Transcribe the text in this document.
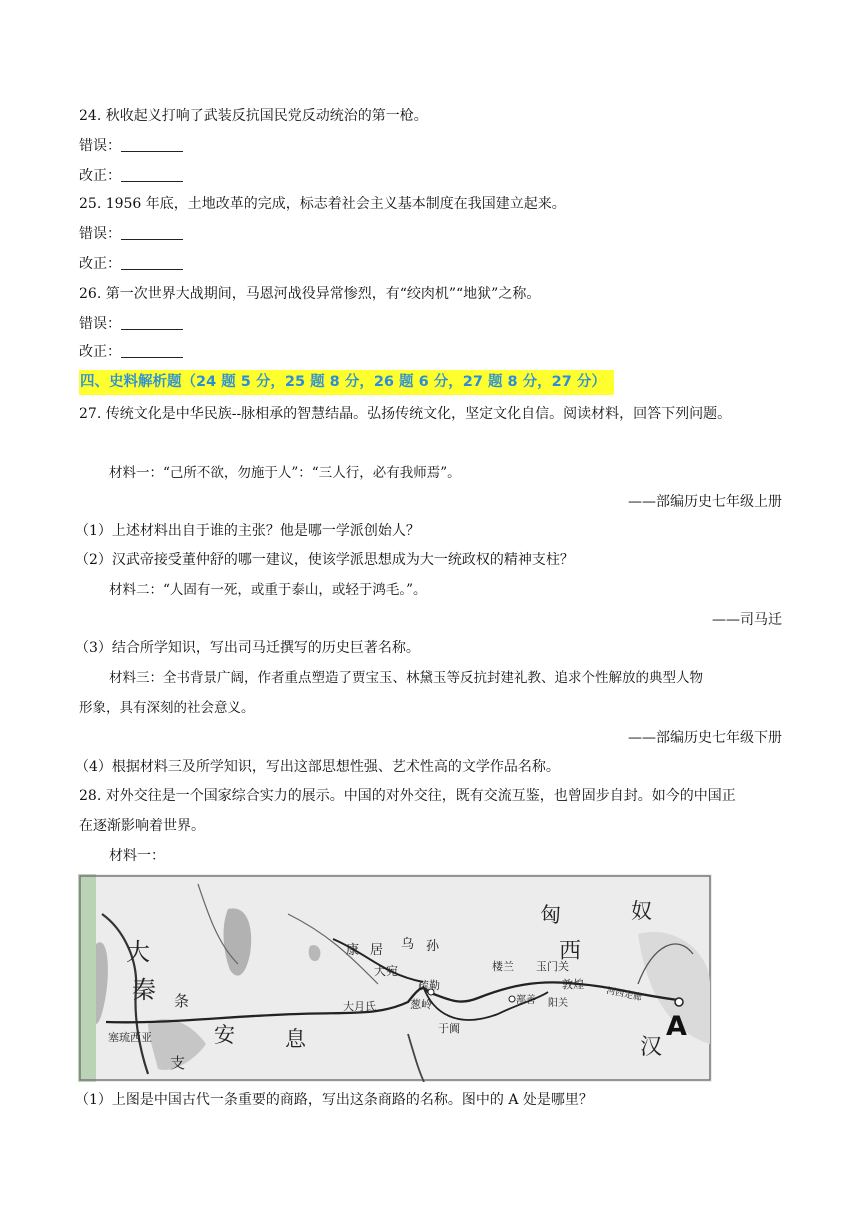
24. 秋收起义打响了武装反抗国民党反动统治的第一枪。
错误：
改正：
25. 1956 年底，土地改革的完成，标志着社会主义基本制度在我国建立起来。
错误：
改正：
26. 第一次世界大战期间，马恩河战役异常惨烈，有“绞肉机”“地狱”之称。
错误：
改正：
四、史料解析题（24 题 5 分，25 题 8 分，26 题 6 分，27 题 8 分，27 分）
27. 传统文化是中华民族--脉相承的智慧结晶。弘扬传统文化，坚定文化自信。阅读材料，回答下列问题。
材料一：“己所不欲，勿施于人”：“三人行，必有我师焉”。
——部编历史七年级上册
（1）上述材料出自于谁的主张？他是哪一学派创始人？
（2）汉武帝接受董仲舒的哪一建议，使该学派思想成为大一统政权的精神支柱？
材料二：“人固有一死，或重于泰山，或轻于鸿毛。”。
——司马迁
（3）结合所学知识，写出司马迁撰写的历史巨著名称。
材料三：全书背景广阔，作者重点塑造了贾宝玉、林黛玉等反抗封建礼教、追求个性解放的典型人物
形象，具有深刻的社会意义。
——部编历史七年级下册
（4）根据材料三及所学知识，写出这部思想性强、艺术性高的文学作品名称。
28. 对外交往是一个国家综合实力的展示。中国的对外交往，既有交流互鉴，也曾固步自封。如今的中国正
在逐渐影响着世界。
材料一：
匈	奴
大
秦 条
支
安 息
康 居 乌 孙
大宛
疏勒
葱岭
于阗
楼兰 玉门关
敦煌
阳关
鄯善	河西走廊
西
汉
大月氏
塞琉西亚	A
（1）上图是中国古代一条重要的商路，写出这条商路的名称。图中的 A 处是哪里？
